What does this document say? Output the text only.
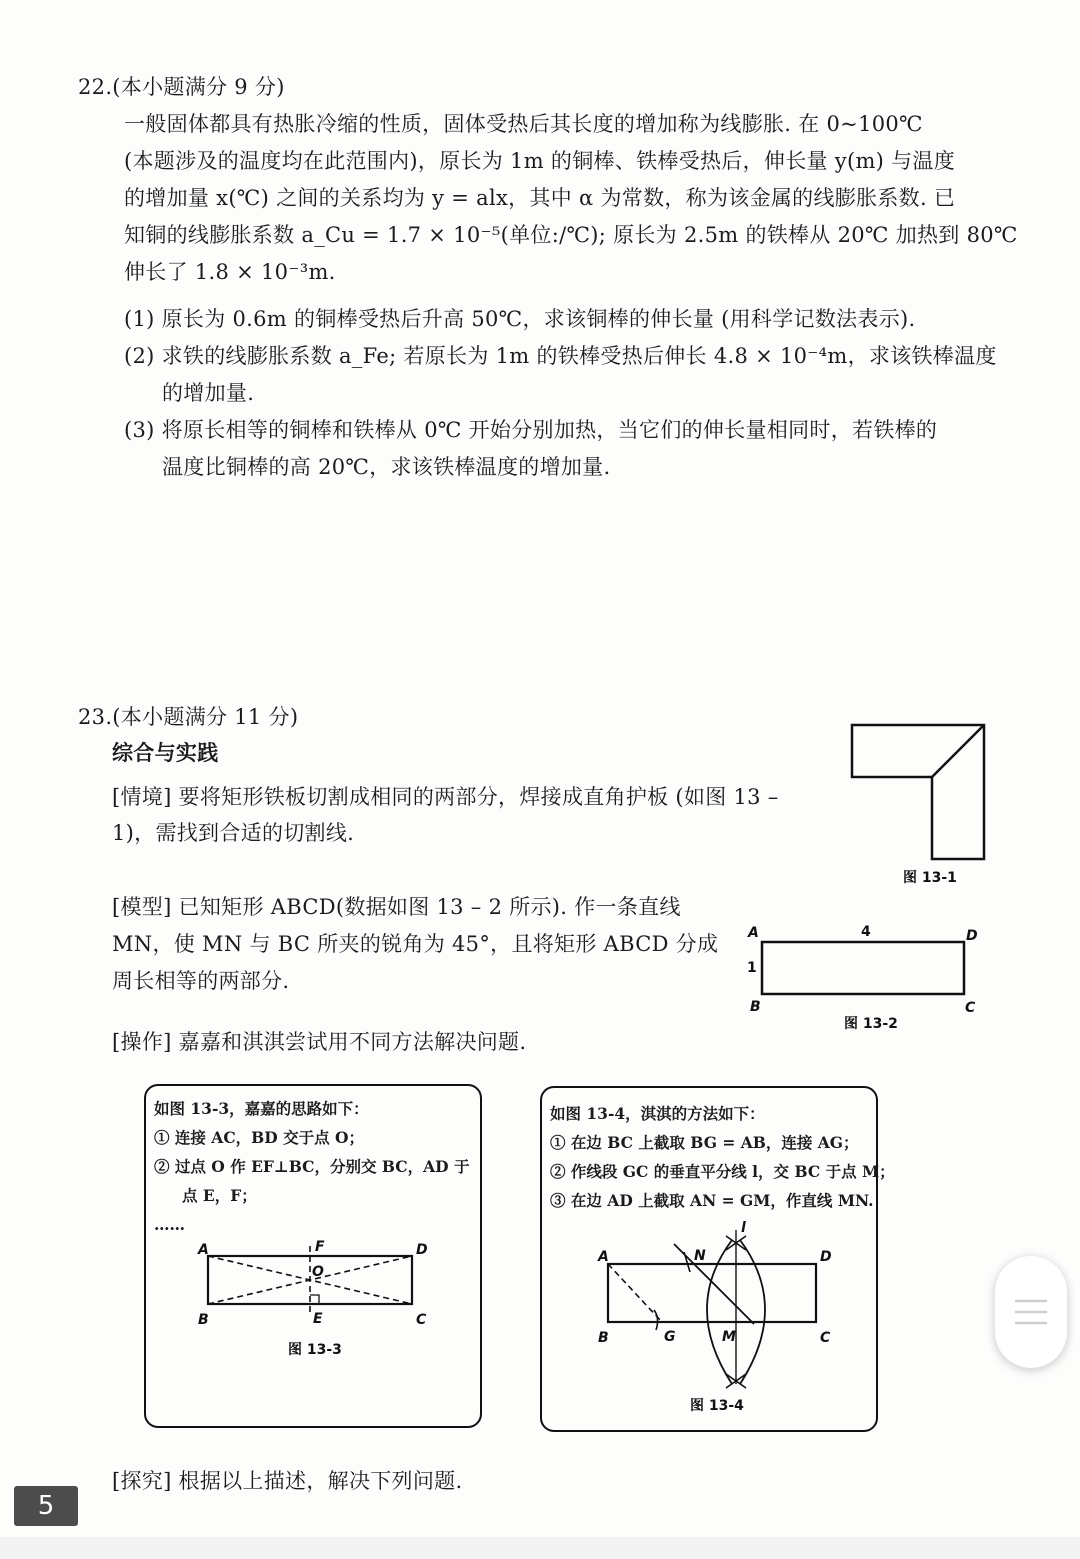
22.(本小题满分 9 分)
一般固体都具有热胀冷缩的性质，固体受热后其长度的增加称为线膨胀. 在 0~100℃
(本题涉及的温度均在此范围内)，原长为 1m 的铜棒、铁棒受热后，伸长量 y(m) 与温度
的增加量 x(℃) 之间的关系均为 y = alx，其中 α 为常数，称为该金属的线膨胀系数. 已
知铜的线膨胀系数 a_Cu = 1.7 × 10⁻⁵(单位:/℃); 原长为 2.5m 的铁棒从 20℃ 加热到 80℃
伸长了 1.8 × 10⁻³m.
(1) 原长为 0.6m 的铜棒受热后升高 50℃，求该铜棒的伸长量 (用科学记数法表示).
(2) 求铁的线膨胀系数 a_Fe; 若原长为 1m 的铁棒受热后伸长 4.8 × 10⁻⁴m，求该铁棒温度
的增加量.
(3) 将原长相等的铜棒和铁棒从 0℃ 开始分别加热，当它们的伸长量相同时，若铁棒的
温度比铜棒的高 20℃，求该铁棒温度的增加量.
23.(本小题满分 11 分)
综合与实践
[情境] 要将矩形铁板切割成相同的两部分，焊接成直角护板 (如图 13 –
1)，需找到合适的切割线.
[模型] 已知矩形 ABCD(数据如图 13 – 2 所示). 作一条直线
MN，使 MN 与 BC 所夹的锐角为 45°，且将矩形 ABCD 分成
周长相等的两部分.
[操作] 嘉嘉和淇淇尝试用不同方法解决问题.
图 13-1
A	D
B	C
4
1
图 13-2
如图 13-3，嘉嘉的思路如下：
① 连接 AC，BD 交于点 O；
② 过点 O 作 EF⊥BC，分别交 BC，AD 于
点 E，F；
……
A	D
B	C
F
O
E
图 13-3
如图 13-4，淇淇的方法如下：
① 在边 BC 上截取 BG = AB，连接 AG；
② 作线段 GC 的垂直平分线 l，交 BC 于点 M；
③ 在边 AD 上截取 AN = GM，作直线 MN.
A	D
B	C
G	M
N
l
图 13-4
[探究] 根据以上描述，解决下列问题.
5
